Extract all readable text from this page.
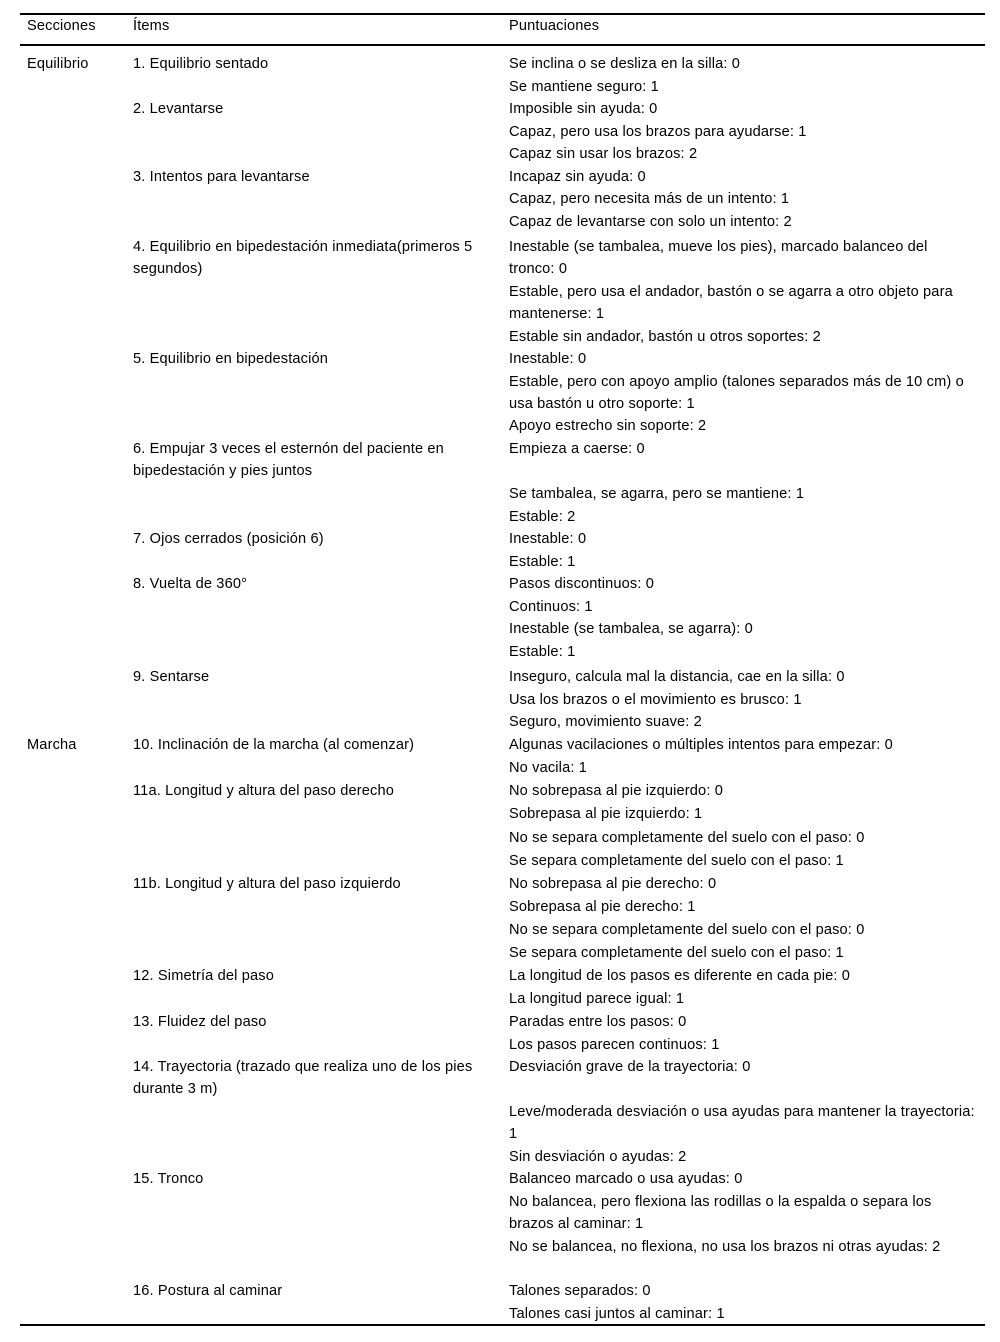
Secciones	Ítems	Puntuaciones
Equilibrio
Marcha
1. Equilibrio sentado
2. Levantarse
3. Intentos para levantarse
4. Equilibrio en bipedestación inmediata(primeros 5 segundos)
5. Equilibrio en bipedestación
6. Empujar 3 veces el esternón del paciente en bipedestación y pies juntos
7. Ojos cerrados (posición 6)
8. Vuelta de 360°
9. Sentarse
10. Inclinación de la marcha (al comenzar)
11a. Longitud y altura del paso derecho
11b. Longitud y altura del paso izquierdo
12. Simetría del paso
13. Fluidez del paso
14. Trayectoria (trazado que realiza uno de los pies durante 3 m)
15. Tronco
16. Postura al caminar
Se inclina o se desliza en la silla: 0
Se mantiene seguro: 1
Imposible sin ayuda: 0
Capaz, pero usa los brazos para ayudarse: 1
Capaz sin usar los brazos: 2
Incapaz sin ayuda: 0
Capaz, pero necesita más de un intento: 1
Capaz de levantarse con solo un intento: 2
Inestable (se tambalea, mueve los pies), marcado balanceo del tronco: 0
Estable, pero usa el andador, bastón o se agarra a otro objeto para mantenerse: 1
Estable sin andador, bastón u otros soportes: 2
Inestable: 0
Estable, pero con apoyo amplio (talones separados más de 10 cm) o usa bastón u otro soporte: 1
Apoyo estrecho sin soporte: 2
Empieza a caerse: 0
Se tambalea, se agarra, pero se mantiene: 1
Estable: 2
Inestable: 0
Estable: 1
Pasos discontinuos: 0
Continuos: 1
Inestable (se tambalea, se agarra): 0
Estable: 1
Inseguro, calcula mal la distancia, cae en la silla: 0
Usa los brazos o el movimiento es brusco: 1
Seguro, movimiento suave: 2
Algunas vacilaciones o múltiples intentos para empezar: 0
No vacila: 1
No sobrepasa al pie izquierdo: 0
Sobrepasa al pie izquierdo: 1
No se separa completamente del suelo con el paso: 0
Se separa completamente del suelo con el paso: 1
No sobrepasa al pie derecho: 0
Sobrepasa al pie derecho: 1
No se separa completamente del suelo con el paso: 0
Se separa completamente del suelo con el paso: 1
La longitud de los pasos es diferente en cada pie: 0
La longitud parece igual: 1
Paradas entre los pasos: 0
Los pasos parecen continuos: 1
Desviación grave de la trayectoria: 0
Leve/moderada desviación o usa ayudas para mantener la trayectoria: 1
Sin desviación o ayudas: 2
Balanceo marcado o usa ayudas: 0
No balancea, pero flexiona las rodillas o la espalda o separa los brazos al caminar: 1
No se balancea, no flexiona, no usa los brazos ni otras ayudas: 2
Talones separados: 0
Talones casi juntos al caminar: 1
